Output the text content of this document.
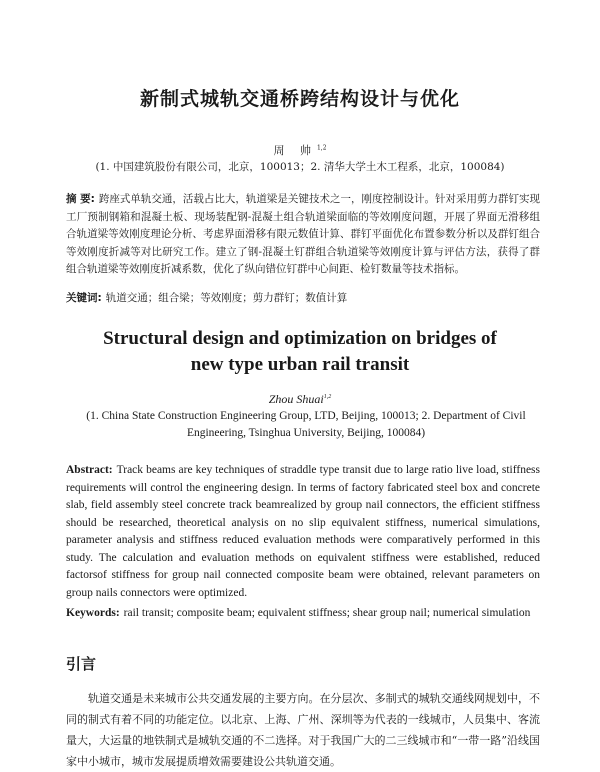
新制式城轨交通桥跨结构设计与优化
周 帅$^{1,2}$
(1. 中国建筑股份有限公司，北京，100013；2. 清华大学土木工程系，北京，100084)
摘 要: 跨座式单轨交通，活载占比大，轨道梁是关键技术之一，刚度控制设计。针对采用剪力群钉实现工厂预制钢箱和混凝土板、现场装配钢-混凝土组合轨道梁面临的等效刚度问题，开展了界面无滑移组合轨道梁等效刚度理论分析、考虑界面滑移有限元数值计算、群钉平面优化布置参数分析以及群钉组合等效刚度折减等对比研究工作。建立了钢-混凝土钉群组合轨道梁等效刚度计算与评估方法，获得了群组合轨道梁等效刚度折减系数，优化了纵向错位钉群中心间距、检钉数量等技术指标。
关键词: 轨道交通；组合梁；等效刚度；剪力群钉；数值计算
Structural design and optimization on bridges of
new type urban rail transit
Zhou Shuai$^{1,2}$
(1. China State Construction Engineering Group, LTD, Beijing, 100013; 2. Department of Civil Engineering, Tsinghua University, Beijing, 100084)
Abstract: Track beams are key techniques of straddle type transit due to large ratio live load, stiffness requirements will control the engineering design. In terms of factory fabricated steel box and concrete slab, field assembly steel concrete track beamrealized by group nail connectors, the efficient stiffness should be researched, theoretical analysis on no slip equivalent stiffness, numerical simulations, parameter analysis and stiffness reduced evaluation methods were comparatively performed in this study. The calculation and evaluation methods on equivalent stiffness were established, reduced factorsof stiffness for group nail connected composite beam were obtained, relevant parameters on group nails connectors were optimized.
Keywords: rail transit; composite beam; equivalent stiffness; shear group nail; numerical simulation
引言
轨道交通是未来城市公共交通发展的主要方向。在分层次、多制式的城轨交通线网规划中，不同的制式有着不同的功能定位。以北京、上海、广州、深圳等为代表的一线城市，人员集中、客流量大，大运量的地铁制式是城轨交通的不二选择。对于我国广大的二三线城市和“一带一路”沿线国家中小城市，城市发展提质增效需要建设公共轨道交通。
